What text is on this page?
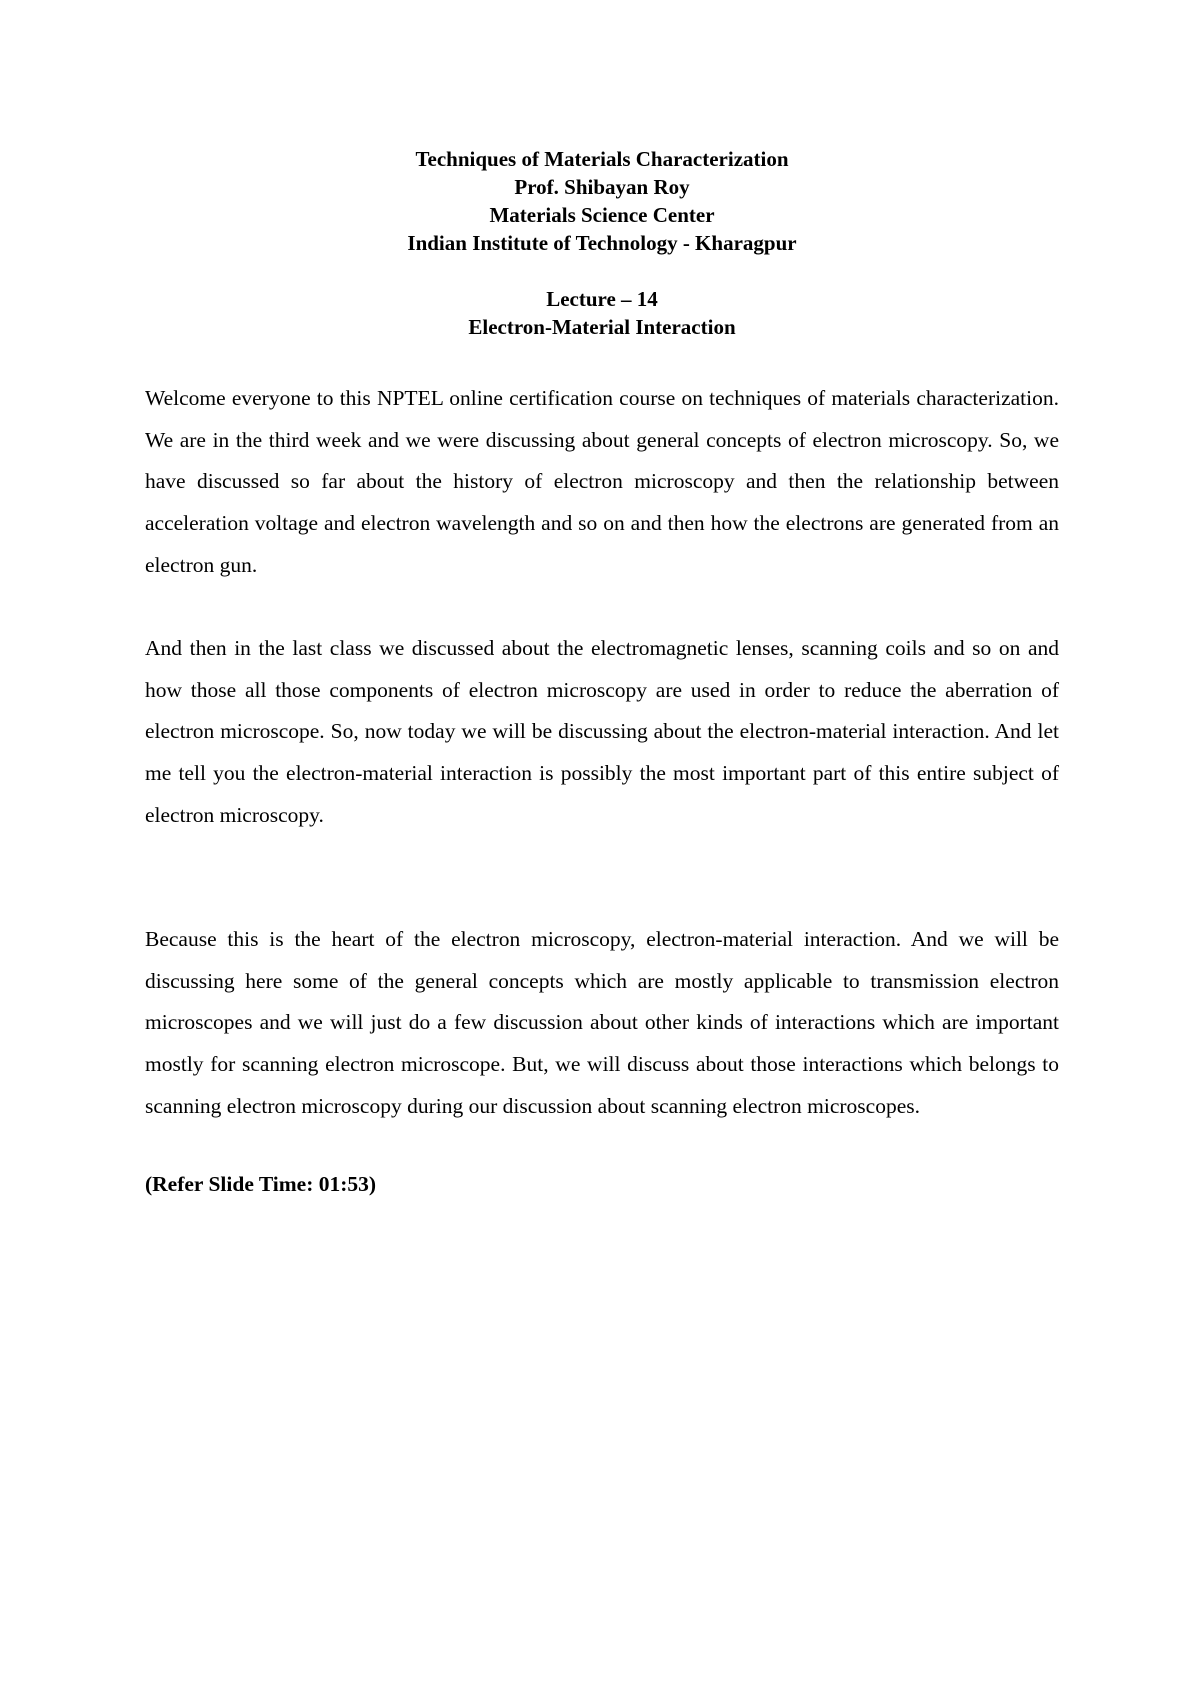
Techniques of Materials Characterization
Prof. Shibayan Roy
Materials Science Center
Indian Institute of Technology - Kharagpur
Lecture – 14
Electron-Material Interaction

Welcome everyone to this NPTEL online certification course on techniques of materials characterization. We are in the third week and we were discussing about general concepts of electron microscopy. So, we have discussed so far about the history of electron microscopy and then the relationship between acceleration voltage and electron wavelength and so on and then how the electrons are generated from an electron gun.

And then in the last class we discussed about the electromagnetic lenses, scanning coils and so on and how those all those components of electron microscopy are used in order to reduce the aberration of electron microscope. So, now today we will be discussing about the electron-material interaction. And let me tell you the electron-material interaction is possibly the most important part of this entire subject of electron microscopy.

Because this is the heart of the electron microscopy, electron-material interaction. And we will be discussing here some of the general concepts which are mostly applicable to transmission electron microscopes and we will just do a few discussion about other kinds of interactions which are important mostly for scanning electron microscope. But, we will discuss about those interactions which belongs to scanning electron microscopy during our discussion about scanning electron microscopes.

(Refer Slide Time: 01:53)
